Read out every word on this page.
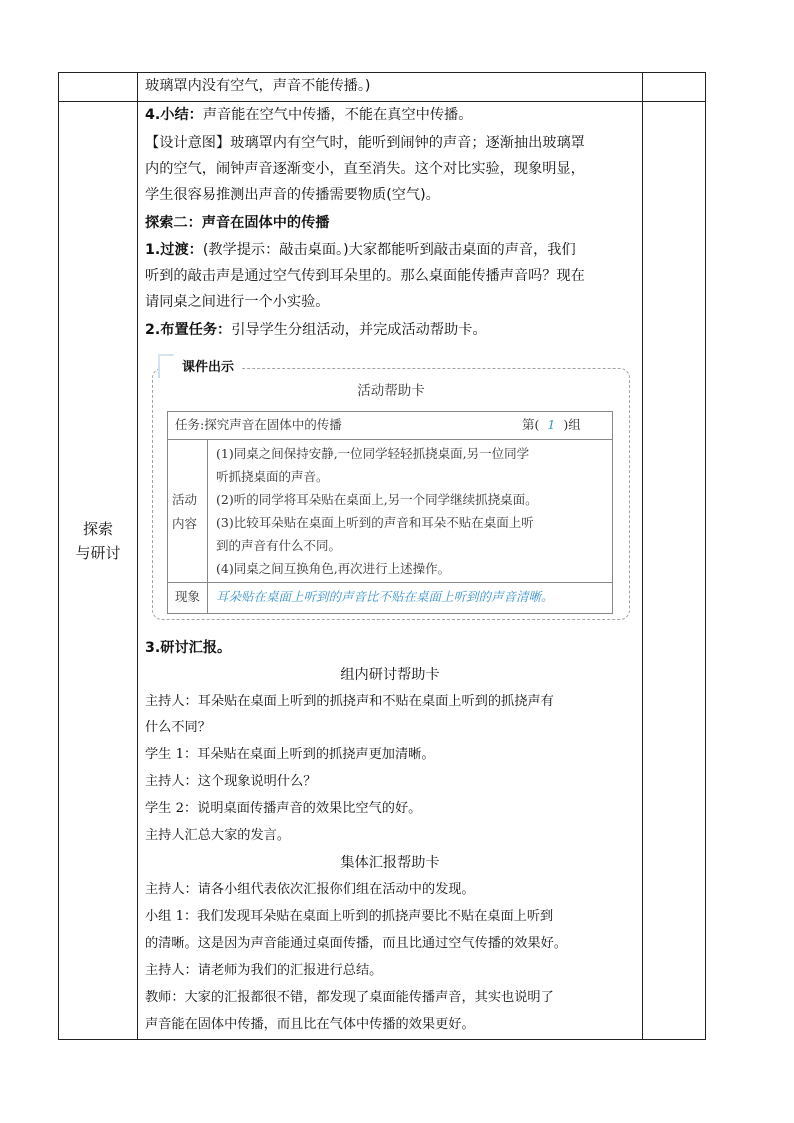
探索
与研讨
玻璃罩内没有空气，声音不能传播。)
4.小结：声音能在空气中传播，不能在真空中传播。
【设计意图】玻璃罩内有空气时，能听到闹钟的声音；逐渐抽出玻璃罩
内的空气，闹钟声音逐渐变小，直至消失。这个对比实验，现象明显，
学生很容易推测出声音的传播需要物质(空气)。
探索二：声音在固体中的传播
1.过渡：(教学提示：敲击桌面。)大家都能听到敲击桌面的声音，我们
听到的敲击声是通过空气传到耳朵里的。那么桌面能传播声音吗？现在
请同桌之间进行一个小实验。
2.布置任务：引导学生分组活动，并完成活动帮助卡。
课件出示
活动帮助卡
任务:探究声音在固体中的传播	第( 1 )组
活动
内容
(1)同桌之间保持安静,一位同学轻轻抓挠桌面,另一位同学
听抓挠桌面的声音。
(2)听的同学将耳朵贴在桌面上,另一个同学继续抓挠桌面。
(3)比较耳朵贴在桌面上听到的声音和耳朵不贴在桌面上听
到的声音有什么不同。
(4)同桌之间互换角色,再次进行上述操作。
现象 耳朵贴在桌面上听到的声音比不贴在桌面上听到的声音清晰。
3.研讨汇报。
组内研讨帮助卡
主持人：耳朵贴在桌面上听到的抓挠声和不贴在桌面上听到的抓挠声有
什么不同？
学生 1：耳朵贴在桌面上听到的抓挠声更加清晰。
主持人：这个现象说明什么？
学生 2：说明桌面传播声音的效果比空气的好。
主持人汇总大家的发言。
集体汇报帮助卡
主持人：请各小组代表依次汇报你们组在活动中的发现。
小组 1：我们发现耳朵贴在桌面上听到的抓挠声要比不贴在桌面上听到
的清晰。这是因为声音能通过桌面传播，而且比通过空气传播的效果好。
主持人：请老师为我们的汇报进行总结。
教师：大家的汇报都很不错，都发现了桌面能传播声音，其实也说明了
声音能在固体中传播，而且比在气体中传播的效果更好。
